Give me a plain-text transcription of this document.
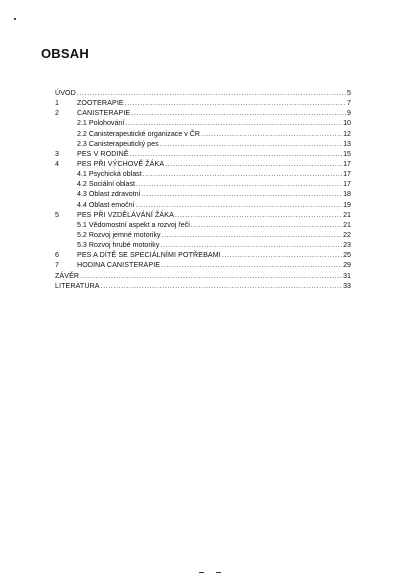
OBSAH
ÚVOD .....	5
1	ZOOTERAPIE .....	7
2	CANISTERAPIE .....	9
2.1 Polohování .....	10
2.2 Canisterapeutické organizace v ČR .....	12
2.3 Canisterapeutický pes .....	13
3	PES V RODINĚ .....	15
4	PES PŘI VÝCHOVĚ ŽÁKA .....	17
4.1 Psychická oblast .....	17
4.2 Sociální oblast .....	17
4.3 Oblast zdravotní .....	18
4.4 Oblast emoční .....	19
5	PES PŘI VZDĚLÁVÁNÍ ŽÁKA .....	21
5.1 Vědomostní aspekt a rozvoj řeči .....	21
5.2 Rozvoj jemné motoriky .....	22
5.3 Rozvoj hrubé motoriky .....	23
6	PES A DÍTĚ SE SPECIÁLNÍMI POTŘEBAMI .....	25
7	HODINA CANISTERAPIE .....	29
ZÁVĚR .....	31
LITERATURA .....	33
